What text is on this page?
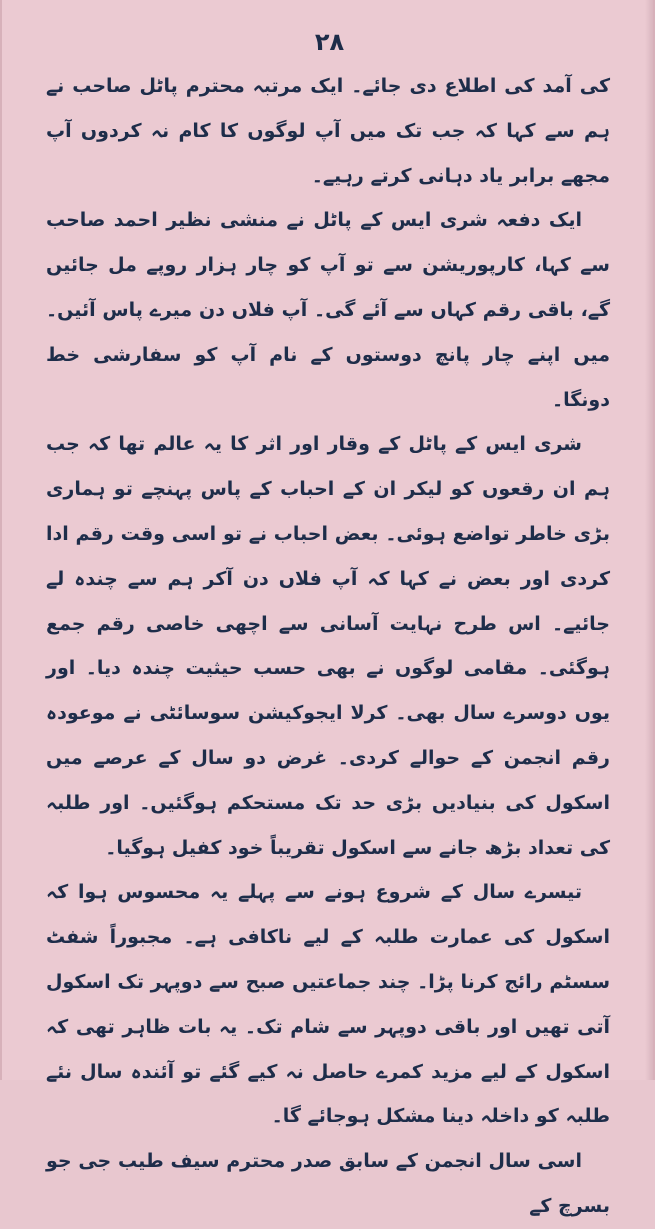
۲۸

کی آمد کی اطلاع دی جائے۔ ایک مرتبہ محترم پاٹل صاحب نے ہم سے کہا کہ جب تک میں آپ لوگوں کا کام نہ کردوں آپ مجھے برابر یاد دہانی کرتے رہیے۔

ایک دفعہ شری ایس کے پاٹل نے منشی نظیر احمد صاحب سے کہا، کارپوریشن سے تو آپ کو چار ہزار روپے مل جائیں گے، باقی رقم کہاں سے آئے گی۔ آپ فلاں دن میرے پاس آئیں۔ میں اپنے چار پانچ دوستوں کے نام آپ کو سفارشی خط دونگا۔

شری ایس کے پاٹل کے وقار اور اثر کا یہ عالم تھا کہ جب ہم ان رقعوں کو لیکر ان کے احباب کے پاس پہنچے تو ہماری بڑی خاطر تواضع ہوئی۔ بعض احباب نے تو اسی وقت رقم ادا کردی اور بعض نے کہا کہ آپ فلاں دن آکر ہم سے چندہ لے جائیے۔ اس طرح نہایت آسانی سے اچھی خاصی رقم جمع ہوگئی۔ مقامی لوگوں نے بھی حسب حیثیت چندہ دیا۔ اور یوں دوسرے سال بھی۔ کرلا ایجوکیشن سوسائٹی نے موعودہ رقم انجمن کے حوالے کردی۔ غرض دو سال کے عرصے میں اسکول کی بنیادیں بڑی حد تک مستحکم ہوگئیں۔ اور طلبہ کی تعداد بڑھ جانے سے اسکول تقریباً خود کفیل ہوگیا۔

تیسرے سال کے شروع ہونے سے پہلے یہ محسوس ہوا کہ اسکول کی عمارت طلبہ کے لیے ناکافی ہے۔ مجبوراً شفٹ سسٹم رائج کرنا پڑا۔ چند جماعتیں صبح سے دوپہر تک اسکول آتی تھیں اور باقی دوپہر سے شام تک۔ یہ بات ظاہر تھی کہ اسکول کے لیے مزید کمرے حاصل نہ کیے گئے تو آئندہ سال نئے طلبہ کو داخلہ دینا مشکل ہوجائے گا۔

اسی سال انجمن کے سابق صدر محترم سیف طیب جی جو بسرچ کے
